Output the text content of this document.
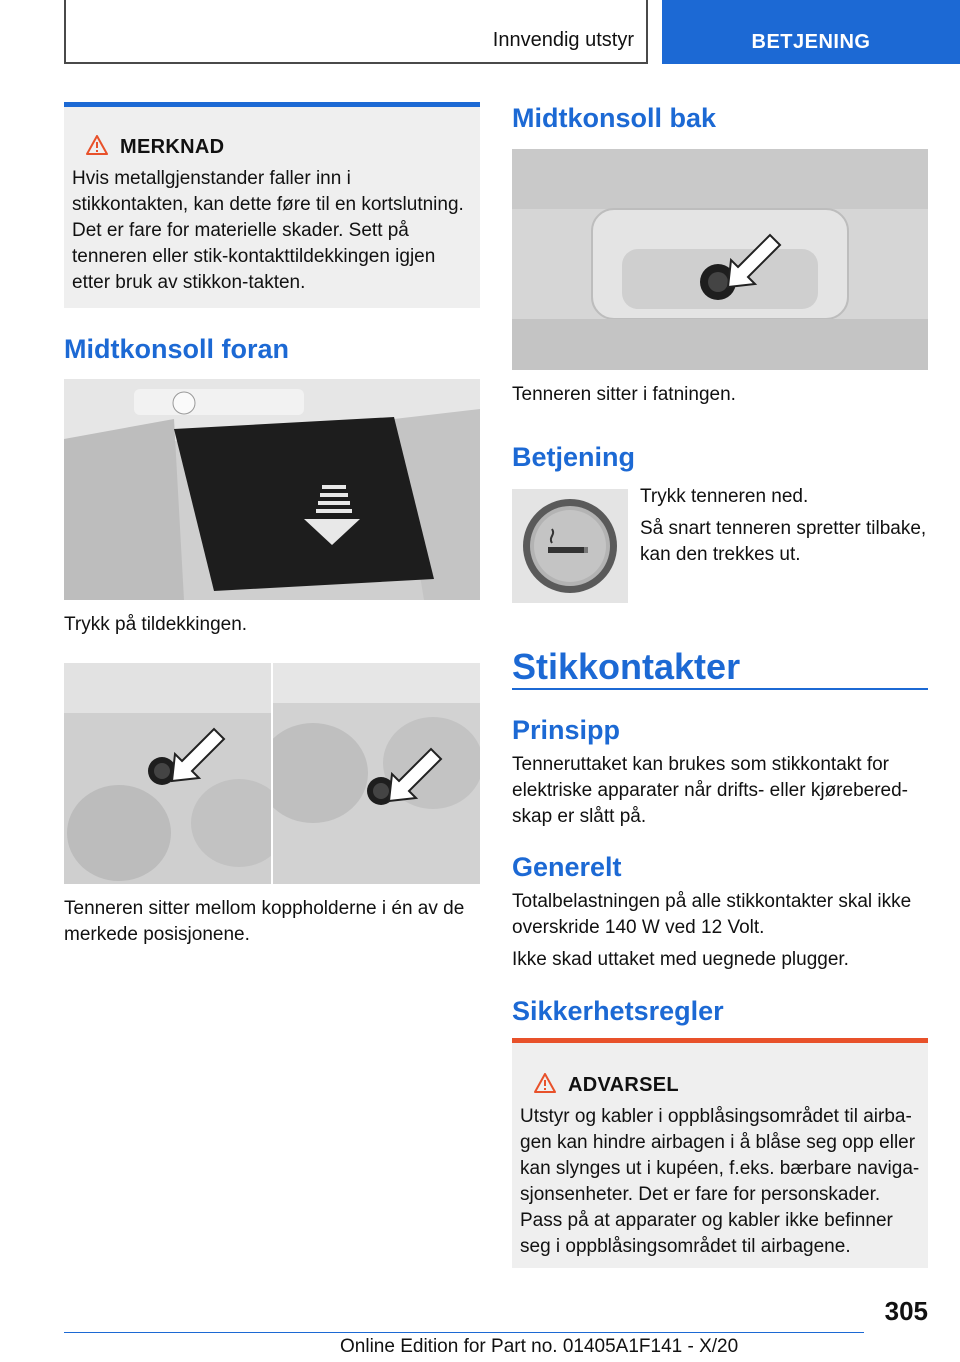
Innvendig utstyr	BETJENING
MERKNAD
Hvis metallgjenstander faller inn i stikkontakten, kan dette føre til en kortslutning. Det er fare for materielle skader. Sett på tenneren eller stik-kontakttildekkingen igjen etter bruk av stikkon-takten.
Midtkonsoll foran
Trykk på tildekkingen.
Tenneren sitter mellom koppholderne i én av de merkede posisjonene.
Midtkonsoll bak
Tenneren sitter i fatningen.
Betjening
Trykk tenneren ned.
Så snart tenneren spretter tilbake, kan den trekkes ut.
Stikkontakter
Prinsipp
Tenneruttaket kan brukes som stikkontakt for elektriske apparater når drifts- eller kjørebered-skap er slått på.
Generelt
Totalbelastningen på alle stikkontakter skal ikke overskride 140 W ved 12 Volt.
Ikke skad uttaket med uegnede plugger.
Sikkerhetsregler
ADVARSEL
Utstyr og kabler i oppblåsingsområdet til airba-gen kan hindre airbagen i å blåse seg opp eller kan slynges ut i kupéen, f.eks. bærbare naviga-sjonsenheter. Det er fare for personskader. Pass på at apparater og kabler ikke befinner seg i oppblåsingsområdet til airbagene.
305
Online Edition for Part no. 01405A1F141 - X/20
